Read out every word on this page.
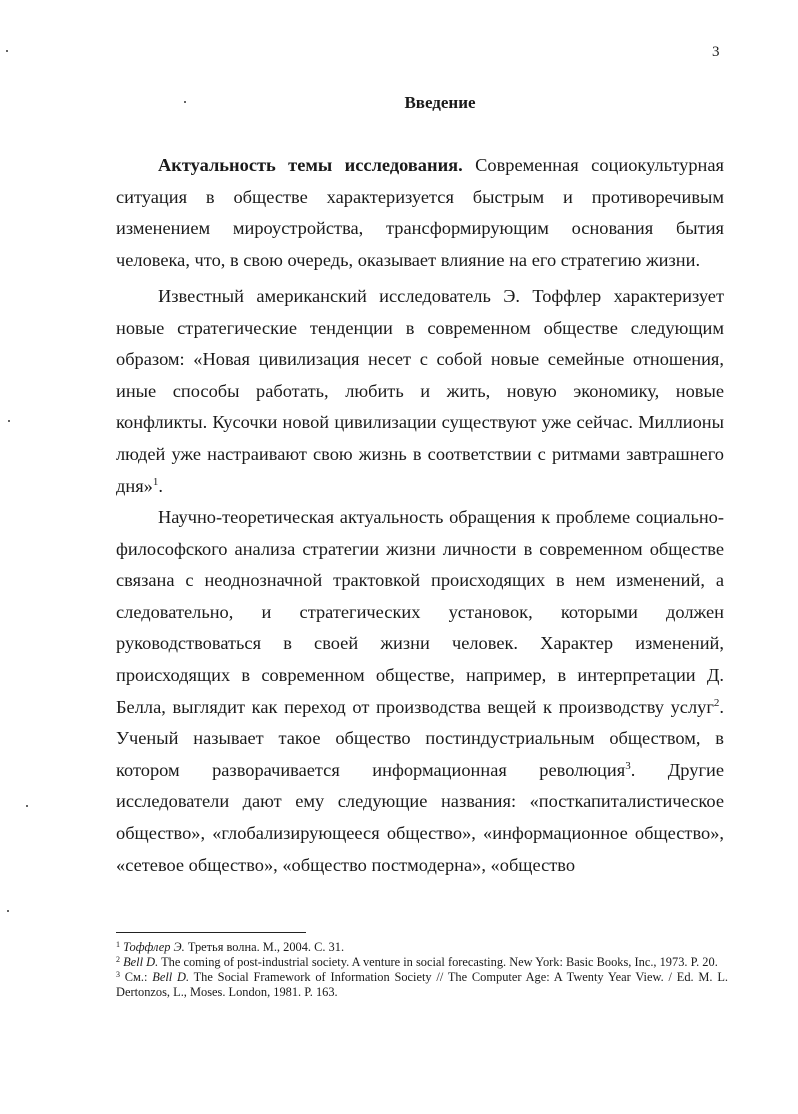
3
Введение

Актуальность темы исследования. Современная социокультурная ситуация в обществе характеризуется быстрым и противоречивым изменением мироустройства, трансформирующим основания бытия человека, что, в свою очередь, оказывает влияние на его стратегию жизни.

Известный американский исследователь Э. Тоффлер характеризует новые стратегические тенденции в современном обществе следующим образом: «Новая цивилизация несет с собой новые семейные отношения, иные способы работать, любить и жить, новую экономику, новые конфликты. Кусочки новой цивилизации существуют уже сейчас. Миллионы людей уже настраивают свою жизнь в соответствии с ритмами завтрашнего дня»$^1$.

Научно-теоретическая актуальность обращения к проблеме социально-философского анализа стратегии жизни личности в современном обществе связана с неоднозначной трактовкой происходящих в нем изменений, а следовательно, и стратегических установок, которыми должен руководствоваться в своей жизни человек. Характер изменений, происходящих в современном обществе, например, в интерпретации Д. Белла, выглядит как переход от производства вещей к производству услуг$^2$. Ученый называет такое общество постиндустриальным обществом, в котором разворачивается информационная революция$^3$. Другие исследователи дают ему следующие названия: «посткапиталистическое общество», «глобализирующееся общество», «информационное общество», «сетевое общество», «общество постмодерна», «общество

$^1$ Тоффлер Э. Третья волна. М., 2004. С. 31.
$^2$ Bell D. The coming of post-industrial society. A venture in social forecasting. New York: Basic Books, Inc., 1973. P. 20.
$^3$ См.: Bell D. The Social Framework of Information Society // The Computer Age: A Twenty Year View. / Ed. M. L. Dertonzos, L., Moses. London, 1981. P. 163.
